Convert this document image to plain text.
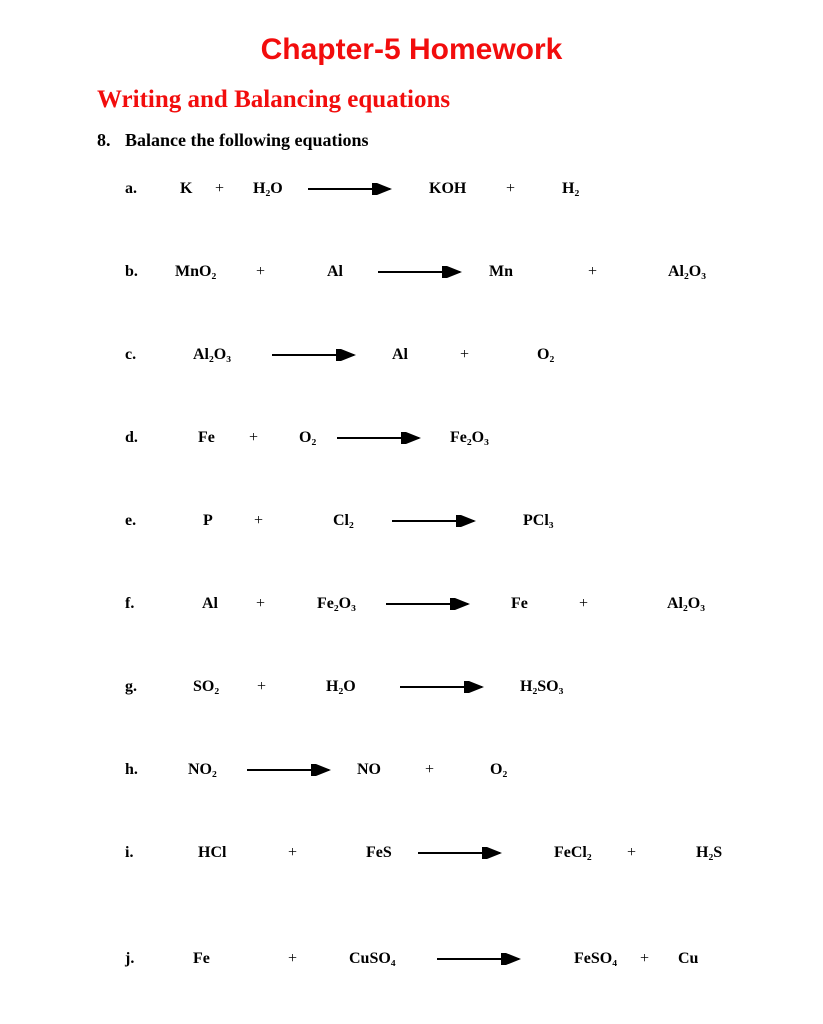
Chapter-5 Homework
Writing and Balancing equations
8. Balance the following equations
a.	K + H₂O	KOH +	H₂
b. MnO₂ +	Al	Mn	+	Al₂O₃
c.	Al₂O₃	Al	+	O₂
d.	Fe +	O₂	Fe₂O₃
e.	P	+	Cl₂	PCl₃
f.	Al +	Fe₂O₃	Fe	+	Al₂O₃
g.	SO₂ +	H₂O	H₂SO₃
h.	NO₂	NO	+	O₂
i.	HCl	+	FeS	FeCl₂ +	H₂S
j.	Fe	+	CuSO₄	FeSO₄ + Cu
